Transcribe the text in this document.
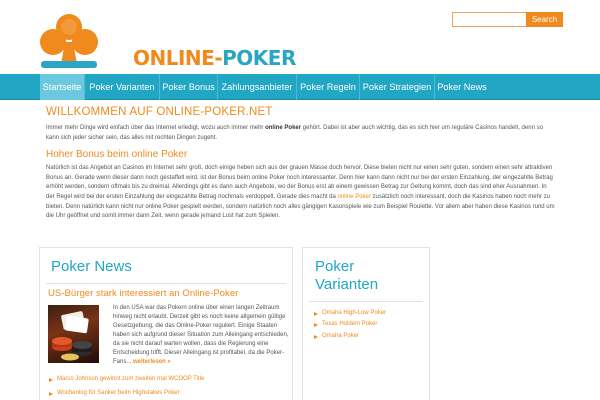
ONLINE-POKER
Search
Startseite Poker Varianten Poker Bonus Zahlungsanbieter Poker Regeln Poker Strategien Poker News
WILLKOMMEN AUF ONLINE-POKER.NET

Immer mehr Dinge wird einfach über das Internet erledigt, wozu auch immer mehr online Poker gehört. Dabei ist aber auch wichtig, das es sich hier um reguläre Casinos handelt, denn so kann sich jeder sicher sein, das alles mit rechten Dingen zugeht.

Hoher Bonus beim online Poker

Natürlich ist das Angebot an Casinos im Internet sehr groß, doch einige heben sich aus der grauen Masse doch hervor. Diese bieten nicht nur einen sehr guten, sondern einen sehr attraktiven Bonus an. Gerade wenn dieser dann noch gestaffelt wird, ist der Bonus beim online Poker noch interessanter. Denn hier kann dann nicht nur bei der ersten Einzahlung, der eingezahlte Betrag erhöht werden, sondern oftmals bis zu dreimal. Allerdings gibt es dann auch Angebote, wo der Bonus erst ab einem gewissen Betrag zur Geltung kommt, doch das sind eher Ausnahmen. In der Regel wird bei der ersten Einzahlung der eingezahlte Betrag nochmals verdoppelt. Gerade dies macht da online Poker zusätzlich noch interessant, doch die Kasinos haben noch mehr zu bieten. Denn natürlich kann nicht nur online Poker gespielt werden, sondern natürlich noch alles gängigen Kasonspiele wie zum Beispiel Roulette. Vor allem aber haben diese Kasinos rund um die Uhr geöffnet und somit immer dann Zeit, wenn gerade jemand Lust hat zum Spielen.

Poker News
US-Bürger stark interessiert an Online-Poker
In den USA war das Pokern online über einen langen Zeitraum hinweg nicht erlaubt. Derzeit gibt es noch keine allgemein gültige Gesetzgebung, die das Online-Poker reguliert. Einige Staaten haben sich aufgrund dieser Situation zum Alleingang entschieden, da sie nicht darauf warten wollen, dass die Regierung eine Entscheidung trifft. Dieser Alleingang ist profitabel, da die Poker-Fans... weiterlesen »
Marco Johnson gewinnt zum zweiten mal WCOOP Title
Wochenlog für Sanker beim Highstakes Poker
Poker
Varianten
Omaha High-Low Poker
Texas Holdem Poker
Omaha Poker
